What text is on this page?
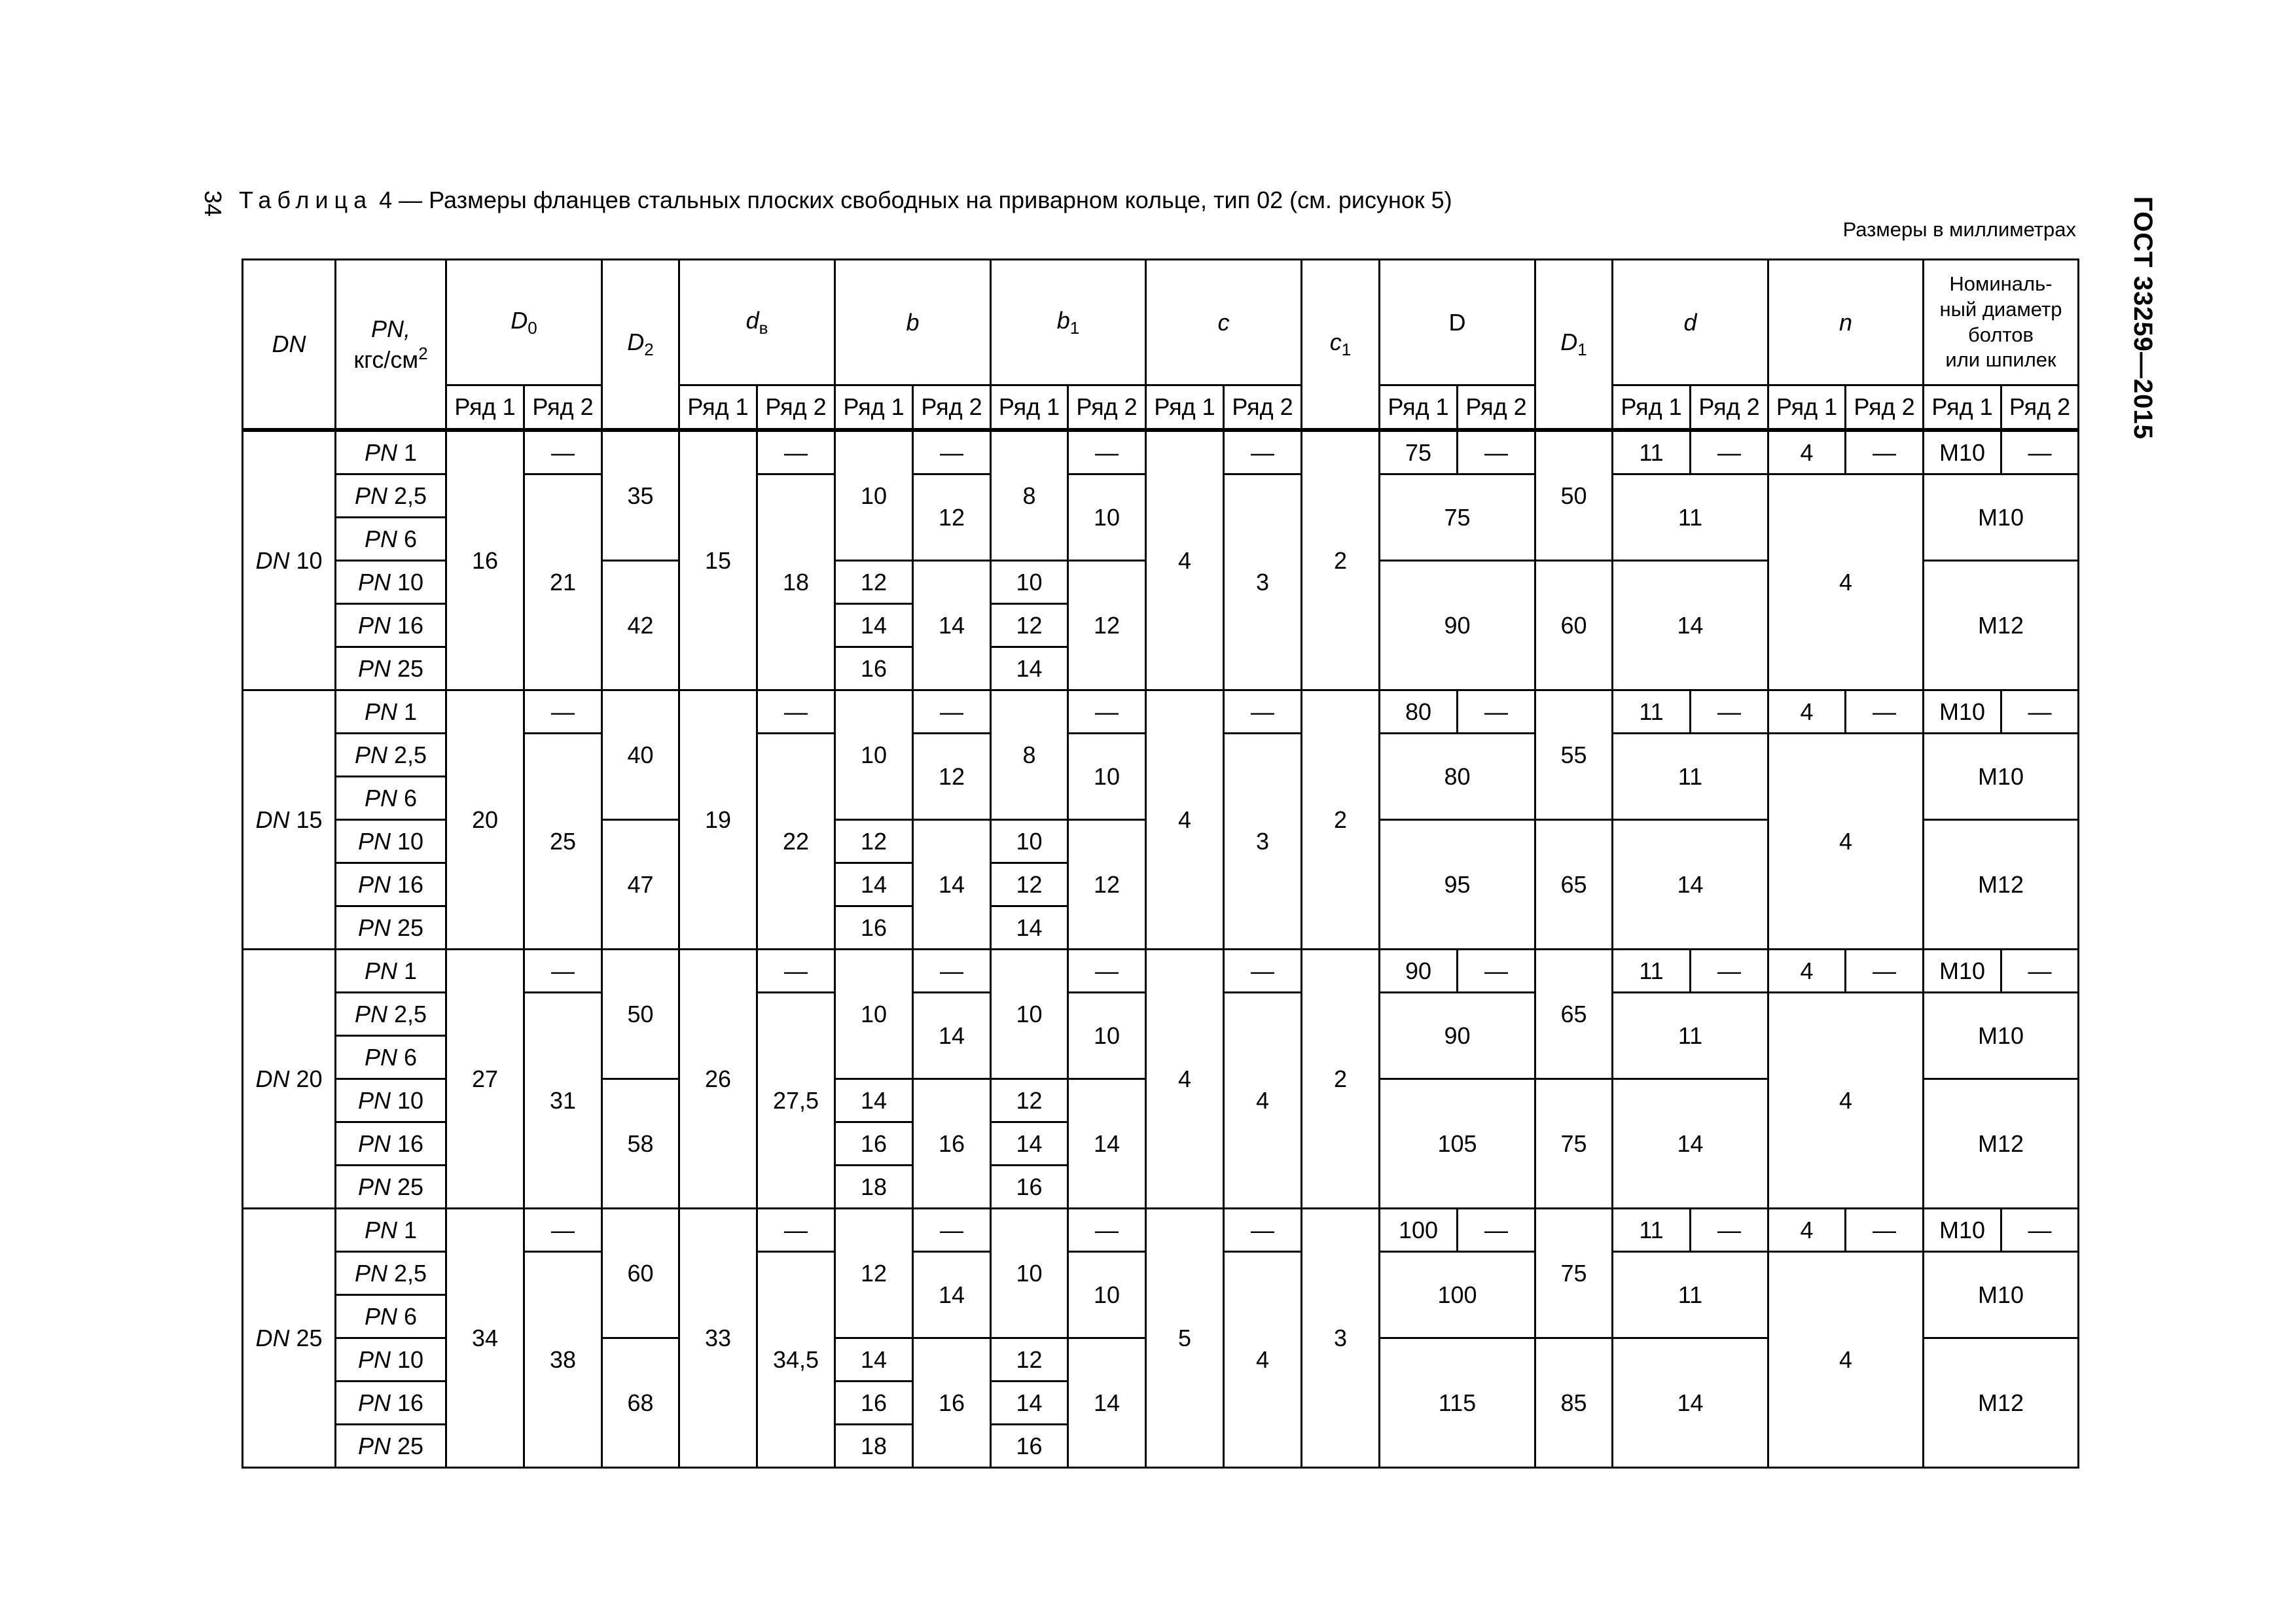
34 Таблица 4 — Размеры фланцев стальных плоских свободных на приварном кольце, тип 02 (см. рисунок 5)
Размеры в миллиметрах ГОСТ 33259—2015
DN	PN,
кгс/$см^2$	$D_0$		$D_2$	$d_в$		b		$b_1$		c		$c_1$	D		$D_1$	d		n		Номиналь-
ный диаметр
болтов
или шпилек	
		Ряд 1	Ряд 2		Ряд 1	Ряд 2	Ряд 1	Ряд 2	Ряд 1	Ряд 2	Ряд 1	Ряд 2		Ряд 1	Ряд 2		Ряд 1	Ряд 2	Ряд 1	Ряд 2	Ряд 1	Ряд 2

DN 10	PN 1	16	—	35	15	—	10	—	8	—	4	—	2	75	—	50	11	—	4	—	M10	—
	PN 2,5		21			18		12		10		3		75			11		4		M10	
	PN 6																					
	PN 10			42			12	14	10	12				90		60	14				M12	
	PN 16						14		12													
	PN 25						16		14													
DN 15	PN 1	20	—	40	19	—	10	—	8	—	4	—	2	80	—	55	11	—	4	—	M10	—
	PN 2,5		25			22		12		10		3		80			11		4		M10	
	PN 6																					
	PN 10			47			12	14	10	12				95		65	14				M12	
	PN 16						14		12													
	PN 25						16		14													
DN 20	PN 1	27	—	50	26	—	10	—	10	—	4	—	2	90	—	65	11	—	4	—	M10	—
	PN 2,5		31			27,5		14		10		4		90			11		4		M10	
	PN 6																					
	PN 10			58			14	16	12	14				105		75	14				M12	
	PN 16						16		14													
	PN 25						18		16													
DN 25	PN 1	34	—	60	33	—	12	—	10	—	5	—	3	100	—	75	11	—	4	—	M10	—
	PN 2,5		38			34,5		14		10		4		100			11		4		M10	
	PN 6																					
	PN 10			68			14	16	12	14				115		85	14				M12	
	PN 16						16		14													
	PN 25						18		16													
